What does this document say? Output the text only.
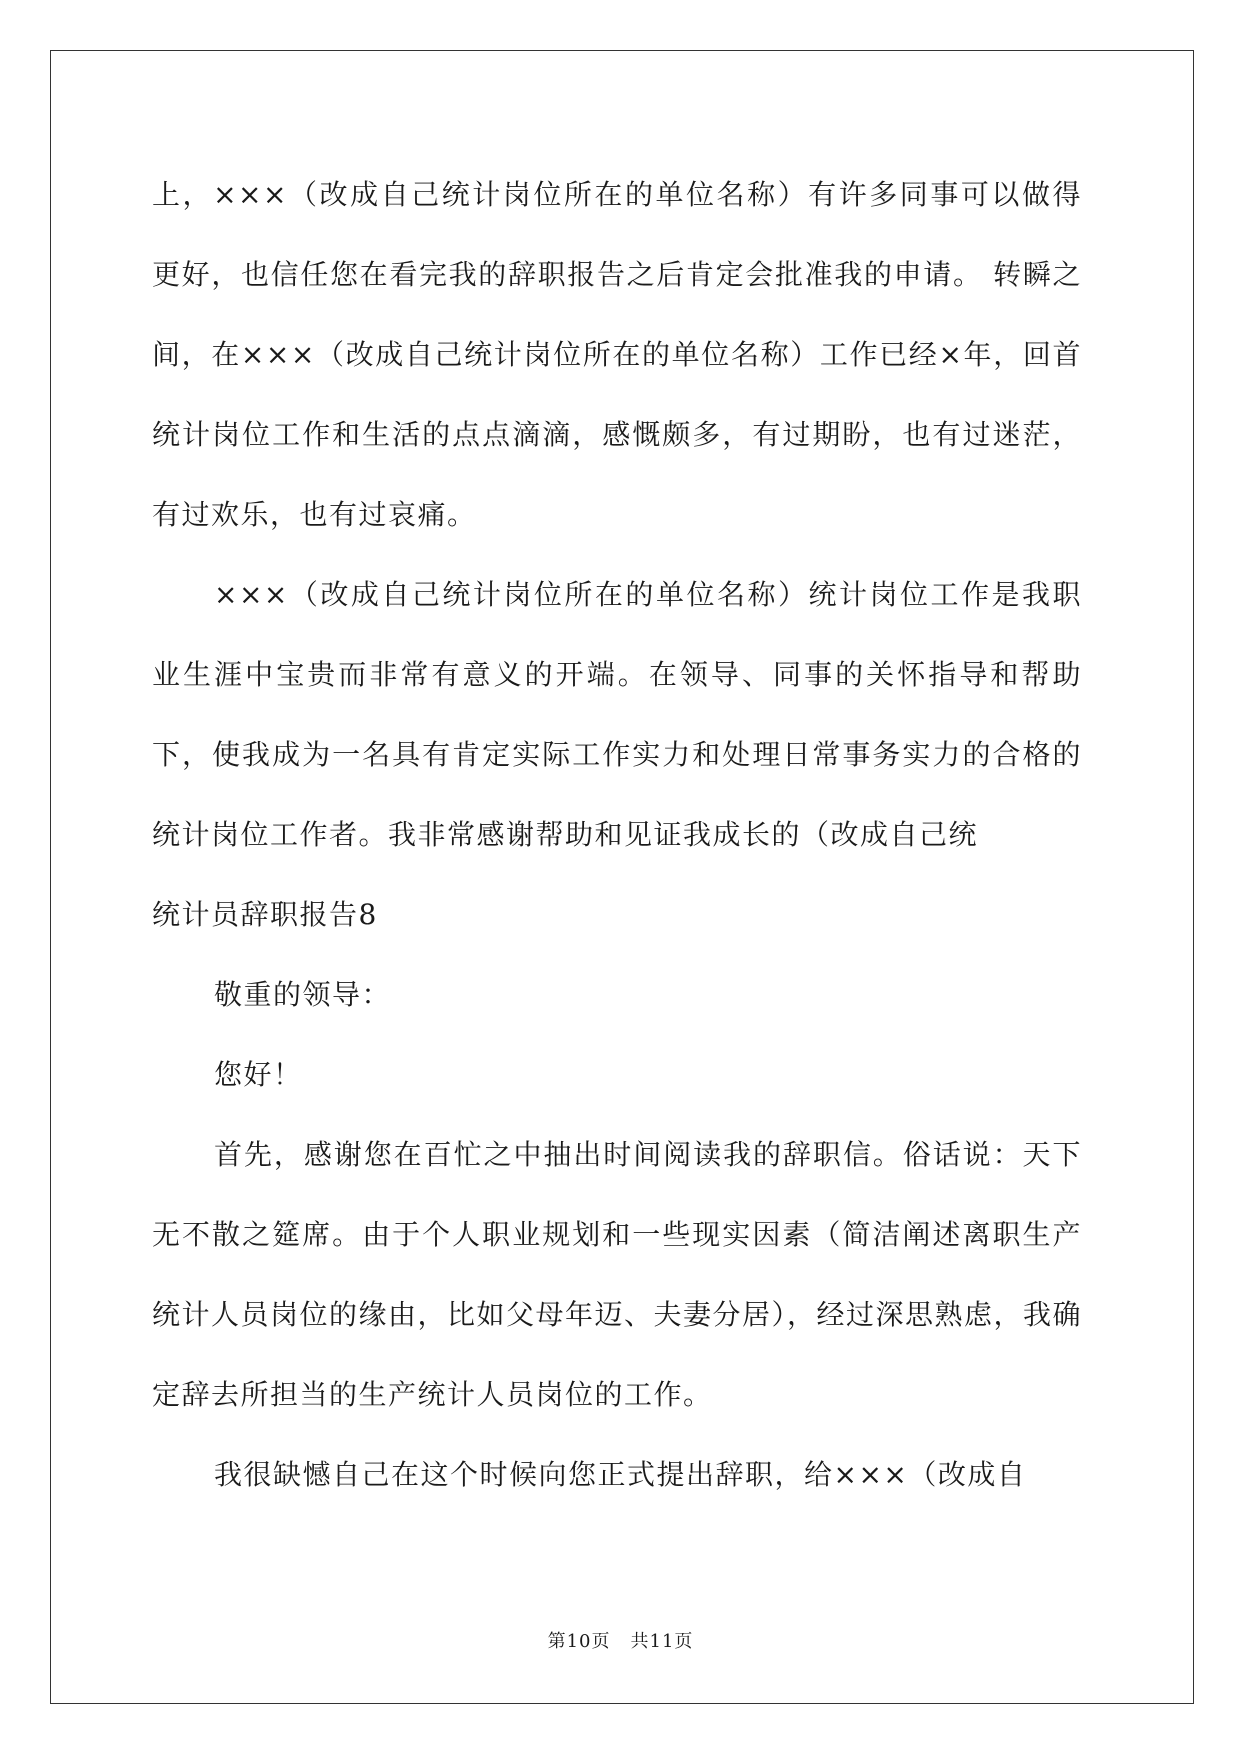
上，×××（改成自己统计岗位所在的单位名称）有许多同事可以做得更好，也信任您在看完我的辞职报告之后肯定会批准我的申请。 转瞬之间，在×××（改成自己统计岗位所在的单位名称）工作已经×年，回首统计岗位工作和生活的点点滴滴，感慨颇多，有过期盼，也有过迷茫，有过欢乐，也有过哀痛。

×××（改成自己统计岗位所在的单位名称）统计岗位工作是我职业生涯中宝贵而非常有意义的开端。在领导、同事的关怀指导和帮助下，使我成为一名具有肯定实际工作实力和处理日常事务实力的合格的统计岗位工作者。我非常感谢帮助和见证我成长的（改成自己统

统计员辞职报告8

敬重的领导：

您好！

首先，感谢您在百忙之中抽出时间阅读我的辞职信。俗话说：天下无不散之筵席。由于个人职业规划和一些现实因素（简洁阐述离职生产统计人员岗位的缘由，比如父母年迈、夫妻分居），经过深思熟虑，我确定辞去所担当的生产统计人员岗位的工作。

我很缺憾自己在这个时候向您正式提出辞职，给×××（改成自

第10页 共11页
